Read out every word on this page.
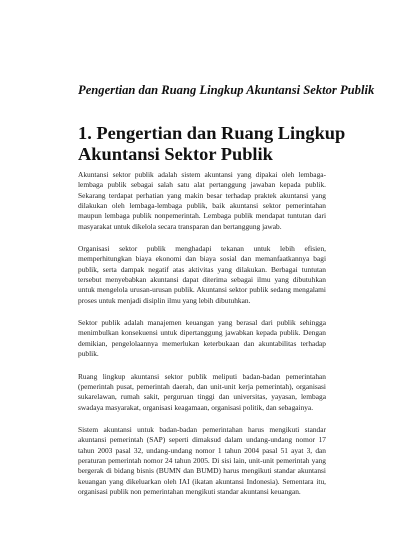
Pengertian dan Ruang Lingkup Akuntansi Sektor Publik
1. Pengertian dan Ruang Lingkup Akuntansi Sektor Publik

Akuntansi sektor publik adalah sistem akuntansi yang dipakai oleh lembaga-lembaga publik sebagai salah satu alat pertanggung jawaban kepada publik. Sekarang terdapat perhatian yang makin besar terhadap praktek akuntansi yang dilakukan oleh lembaga-lembaga publik, baik akuntansi sektor pemerintahan maupun lembaga publik nonpemerintah. Lembaga publik mendapat tuntutan dari masyarakat untuk dikelola secara transparan dan bertanggung jawab.

Organisasi sektor publik menghadapi tekanan untuk lebih efisien, memperhitungkan biaya ekonomi dan biaya sosial dan memanfaatkannya bagi publik, serta dampak negatif atas aktivitas yang dilakukan. Berbagai tuntutan tersebut menyebabkan akuntansi dapat diterima sebagai ilmu yang dibutuhkan untuk mengelola urusan-urusan publik. Akuntansi sektor publik sedang mengalami proses untuk menjadi disiplin ilmu yang lebih dibutuhkan.

Sektor publik adalah manajemen keuangan yang berasal dari publik sehingga menimbulkan konsekuensi untuk dipertanggung jawabkan kepada publik. Dengan demikian, pengelolaannya memerlukan keterbukaan dan akuntabilitas terhadap publik.

Ruang lingkup akuntansi sektor publik meliputi badan-badan pemerintahan (pemerintah pusat, pemerintah daerah, dan unit-unit kerja pemerintah), organisasi sukarelawan, rumah sakit, perguruan tinggi dan universitas, yayasan, lembaga swadaya masyarakat, organisasi keagamaan, organisasi politik, dan sebagainya.

Sistem akuntansi untuk badan-badan pemerintahan harus mengikuti standar akuntansi pemerintah (SAP) seperti dimaksud dalam undang-undang nomor 17 tahun 2003 pasal 32, undang-undang nomor 1 tahun 2004 pasal 51 ayat 3, dan peraturan pemerintah nomor 24 tahun 2005. Di sisi lain, unit-unit pemerintah yang bergerak di bidang bisnis (BUMN dan BUMD) harus mengikuti standar akuntansi keuangan yang dikeluarkan oleh IAI (ikatan akuntansi Indonesia). Sementara itu, organisasi publik non pemerintahan mengikuti standar akuntansi keuangan.
